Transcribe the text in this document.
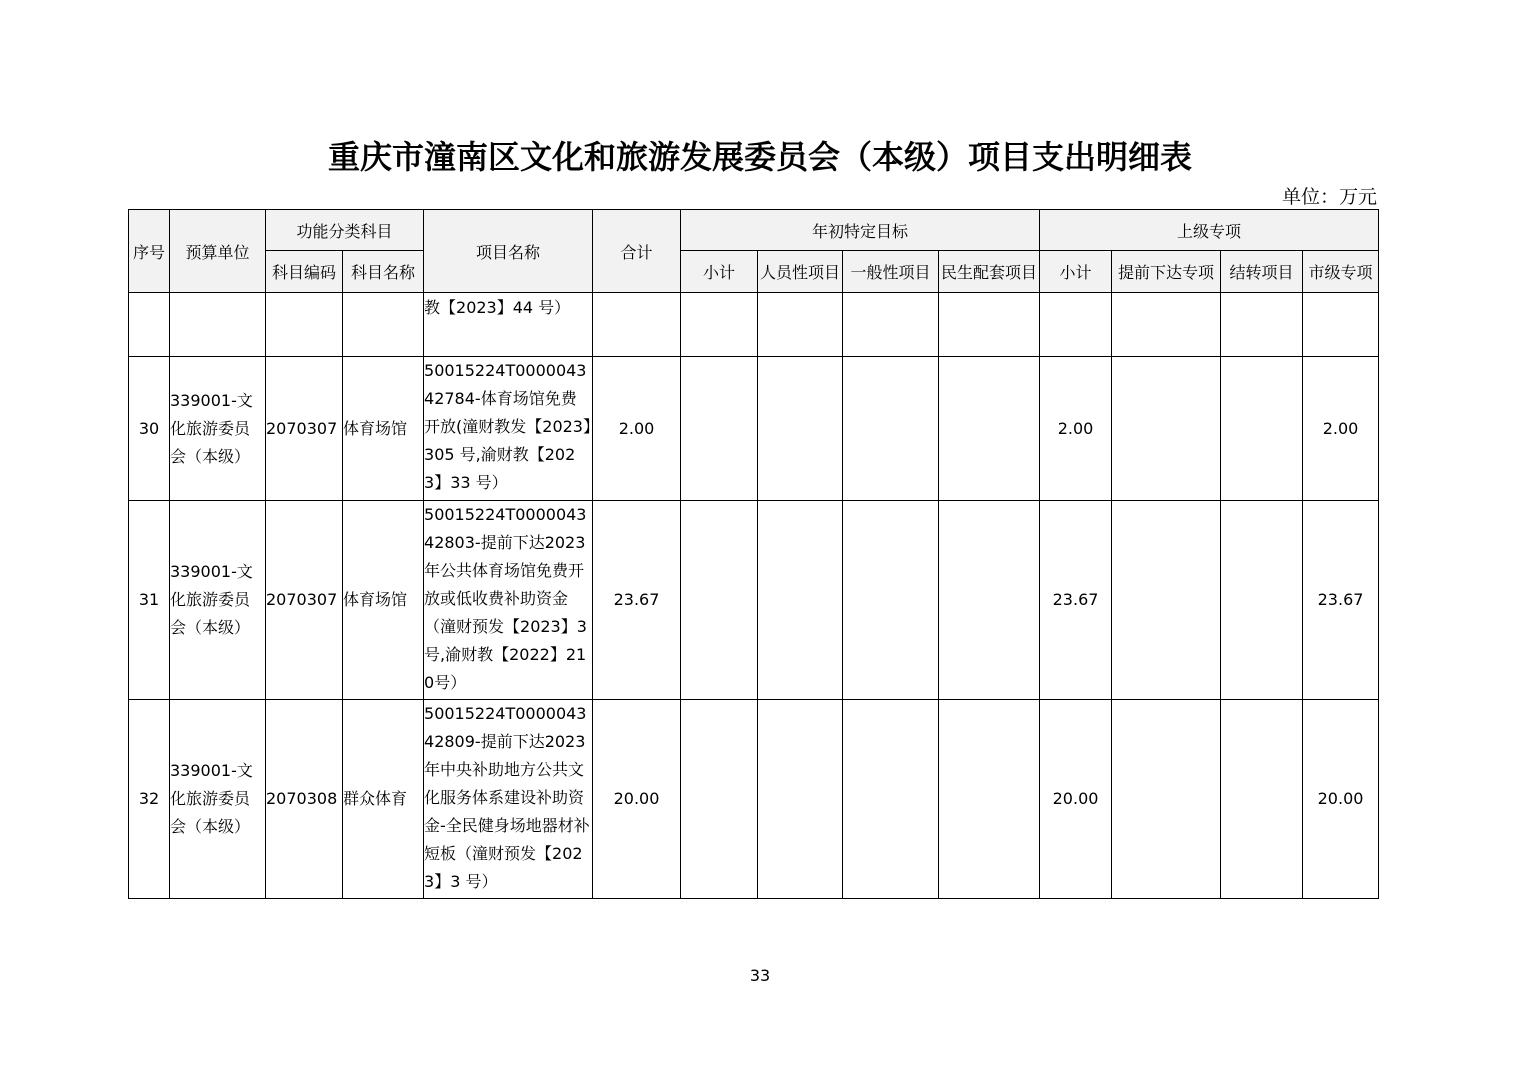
重庆市潼南区文化和旅游发展委员会（本级）项目支出明细表
单位：万元
序号	预算单位	功能分类科目		项目名称	合计	年初特定目标				上级专项			
		科目编码	科目名称			小计	人员性项目	一般性项目	民生配套项目	小计	提前下达专项	结转项目	市级专项
				教【2023】44 号）									
30	339001-文化旅游委员会（本级）	2070307	体育场馆	50015224T000004342784-体育场馆免费开放(潼财教发【2023】305 号,渝财教【2023】33 号）	2.00					2.00			2.00
31	339001-文化旅游委员会（本级）	2070307	体育场馆	50015224T000004342803-提前下达2023年公共体育场馆免费开放或低收费补助资金（潼财预发【2023】3号,渝财教【2022】210号）	23.67					23.67			23.67
32	339001-文化旅游委员会（本级）	2070308	群众体育	50015224T000004342809-提前下达2023年中央补助地方公共文化服务体系建设补助资金-全民健身场地器材补短板（潼财预发【2023】3 号）	20.00					20.00			20.00
33
